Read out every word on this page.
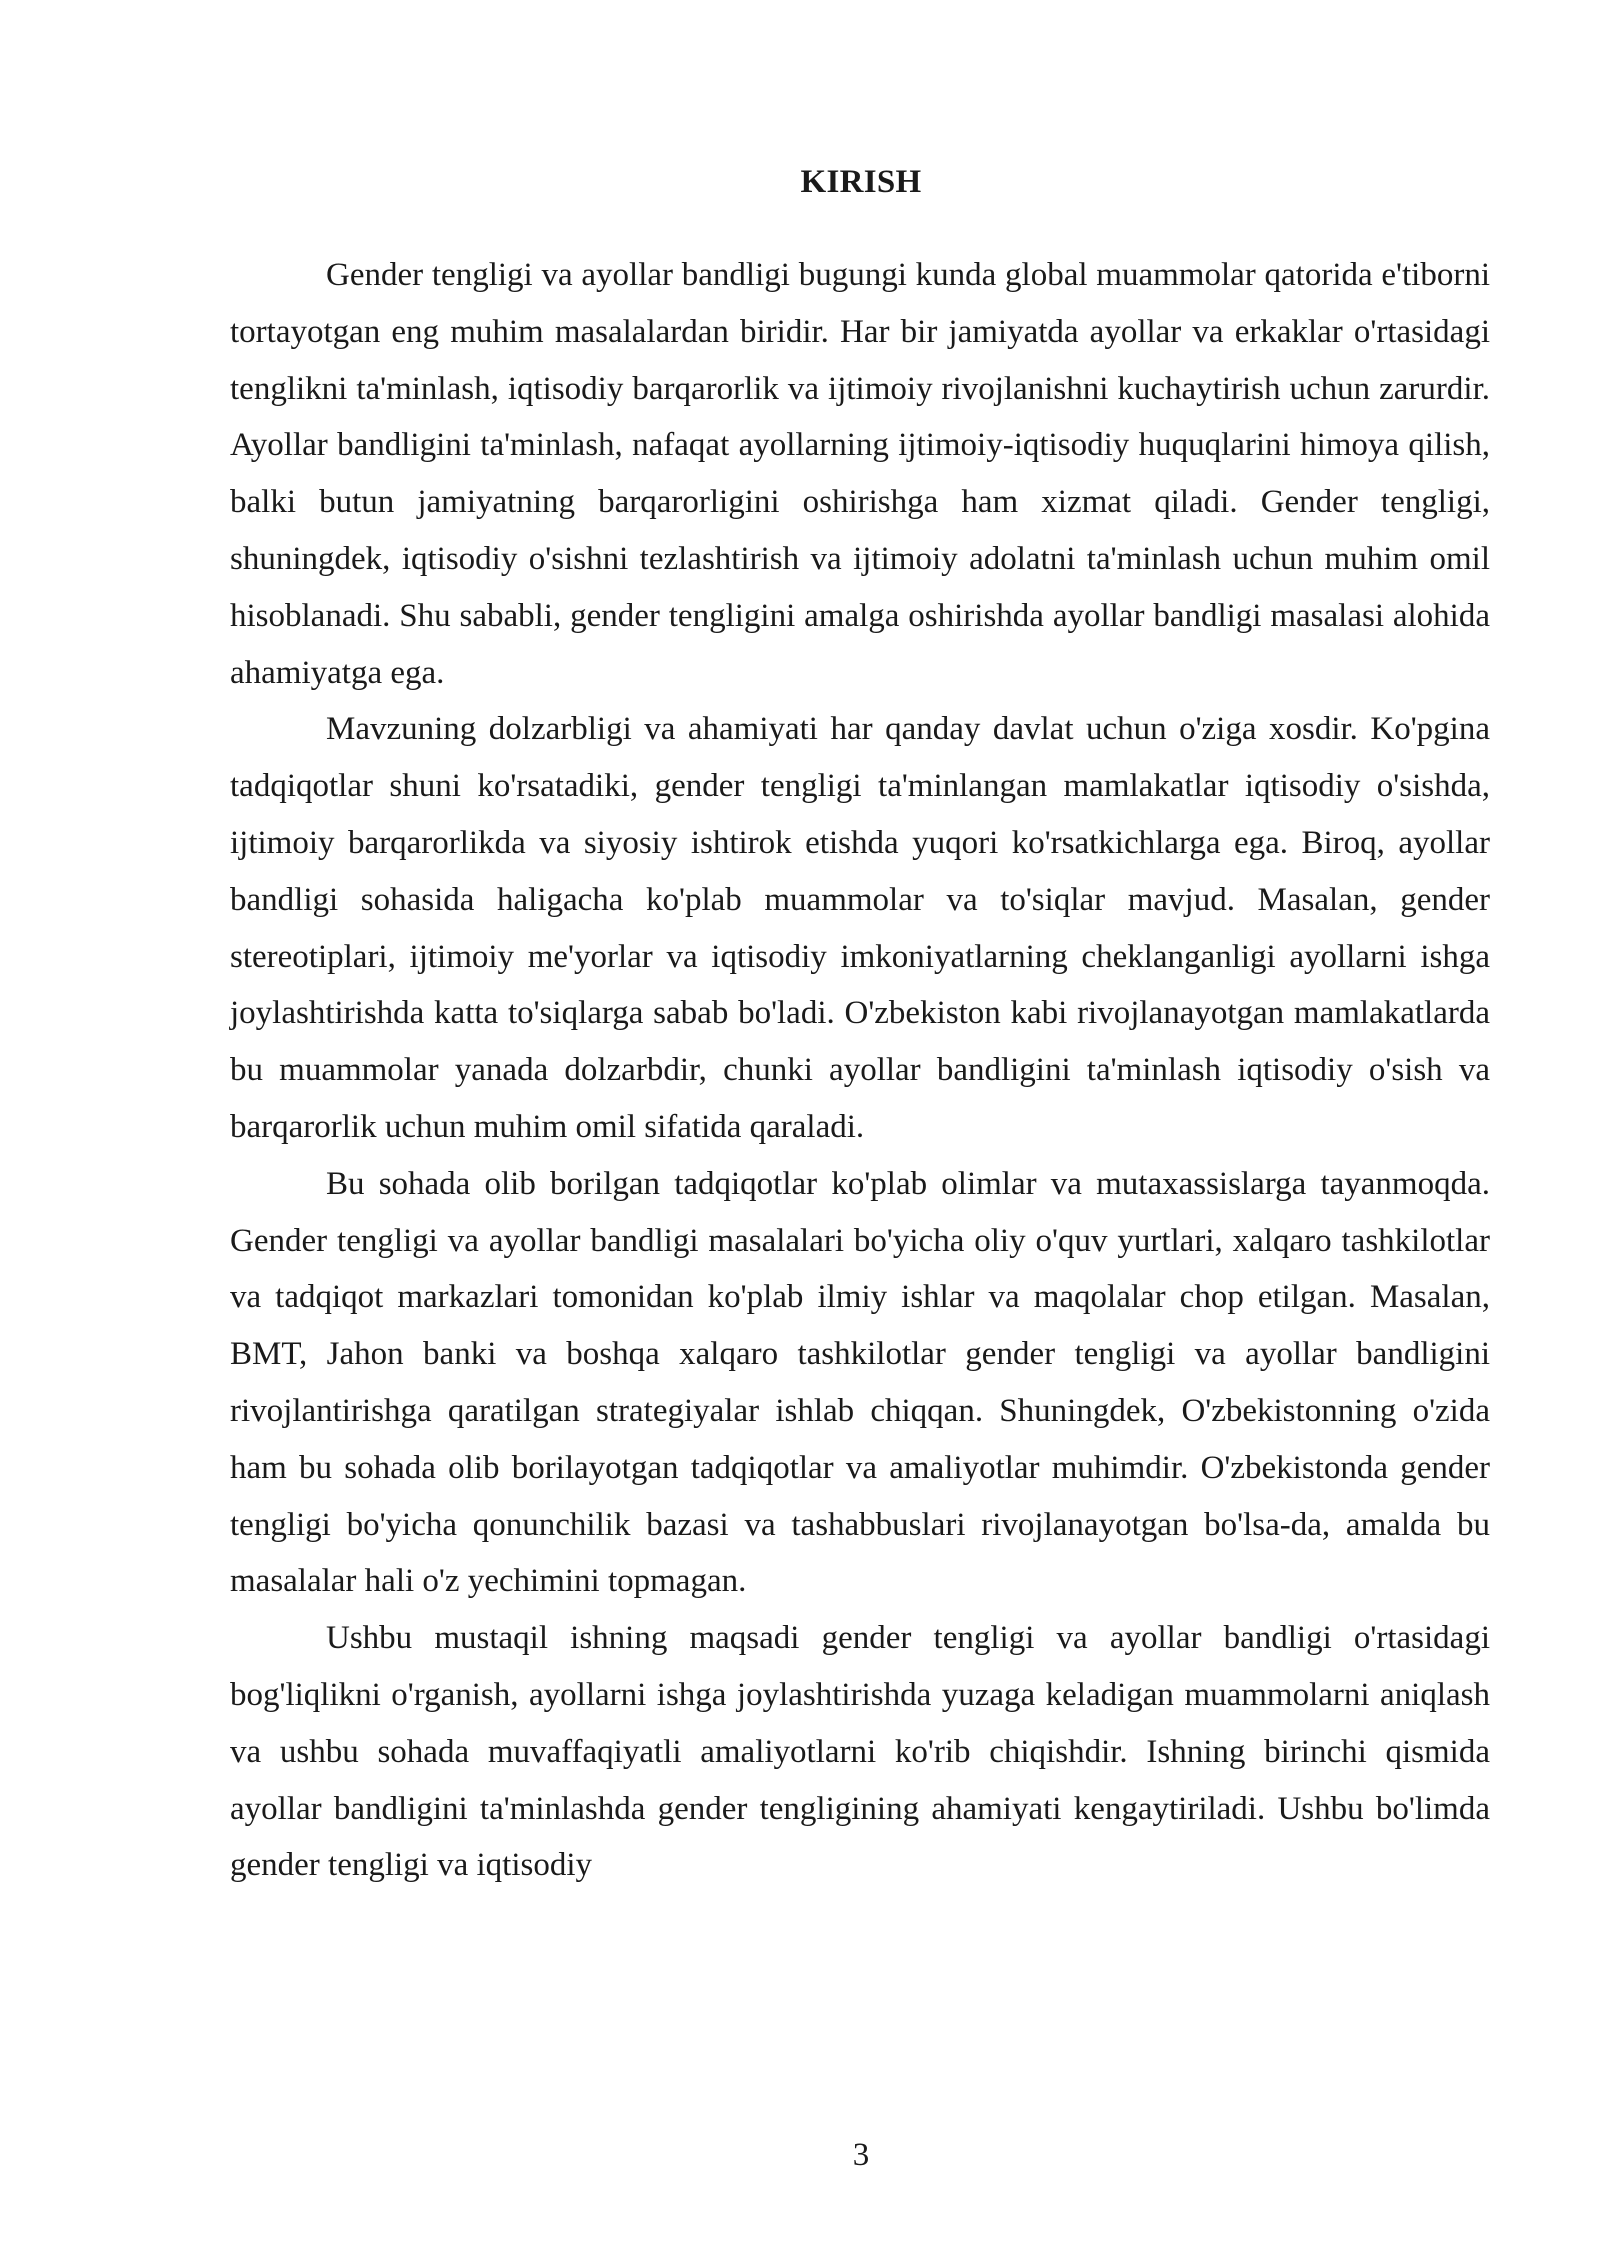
KIRISH

Gender tengligi va ayollar bandligi bugungi kunda global muammolar qatorida e'tiborni tortayotgan eng muhim masalalardan biridir. Har bir jamiyatda ayollar va erkaklar o'rtasidagi tenglikni ta'minlash, iqtisodiy barqarorlik va ijtimoiy rivojlanishni kuchaytirish uchun zarurdir. Ayollar bandligini ta'minlash, nafaqat ayollarning ijtimoiy-iqtisodiy huquqlarini himoya qilish, balki butun jamiyatning barqarorligini oshirishga ham xizmat qiladi. Gender tengligi, shuningdek, iqtisodiy o'sishni tezlashtirish va ijtimoiy adolatni ta'minlash uchun muhim omil hisoblanadi. Shu sababli, gender tengligini amalga oshirishda ayollar bandligi masalasi alohida ahamiyatga ega.

Mavzuning dolzarbligi va ahamiyati har qanday davlat uchun o'ziga xosdir. Ko'pgina tadqiqotlar shuni ko'rsatadiki, gender tengligi ta'minlangan mamlakatlar iqtisodiy o'sishda, ijtimoiy barqarorlikda va siyosiy ishtirok etishda yuqori ko'rsatkichlarga ega. Biroq, ayollar bandligi sohasida haligacha ko'plab muammolar va to'siqlar mavjud. Masalan, gender stereotiplari, ijtimoiy me'yorlar va iqtisodiy imkoniyatlarning cheklanganligi ayollarni ishga joylashtirishda katta to'siqlarga sabab bo'ladi. O'zbekiston kabi rivojlanayotgan mamlakatlarda bu muammolar yanada dolzarbdir, chunki ayollar bandligini ta'minlash iqtisodiy o'sish va barqarorlik uchun muhim omil sifatida qaraladi.

Bu sohada olib borilgan tadqiqotlar ko'plab olimlar va mutaxassislarga tayanmoqda. Gender tengligi va ayollar bandligi masalalari bo'yicha oliy o'quv yurtlari, xalqaro tashkilotlar va tadqiqot markazlari tomonidan ko'plab ilmiy ishlar va maqolalar chop etilgan. Masalan, BMT, Jahon banki va boshqa xalqaro tashkilotlar gender tengligi va ayollar bandligini rivojlantirishga qaratilgan strategiyalar ishlab chiqqan. Shuningdek, O'zbekistonning o'zida ham bu sohada olib borilayotgan tadqiqotlar va amaliyotlar muhimdir. O'zbekistonda gender tengligi bo'yicha qonunchilik bazasi va tashabbuslari rivojlanayotgan bo'lsa-da, amalda bu masalalar hali o'z yechimini topmagan.

Ushbu mustaqil ishning maqsadi gender tengligi va ayollar bandligi o'rtasidagi bog'liqlikni o'rganish, ayollarni ishga joylashtirishda yuzaga keladigan muammolarni aniqlash va ushbu sohada muvaffaqiyatli amaliyotlarni ko'rib chiqishdir. Ishning birinchi qismida ayollar bandligini ta'minlashda gender tengligining ahamiyati kengaytiriladi. Ushbu bo'limda gender tengligi va iqtisodiy

3
